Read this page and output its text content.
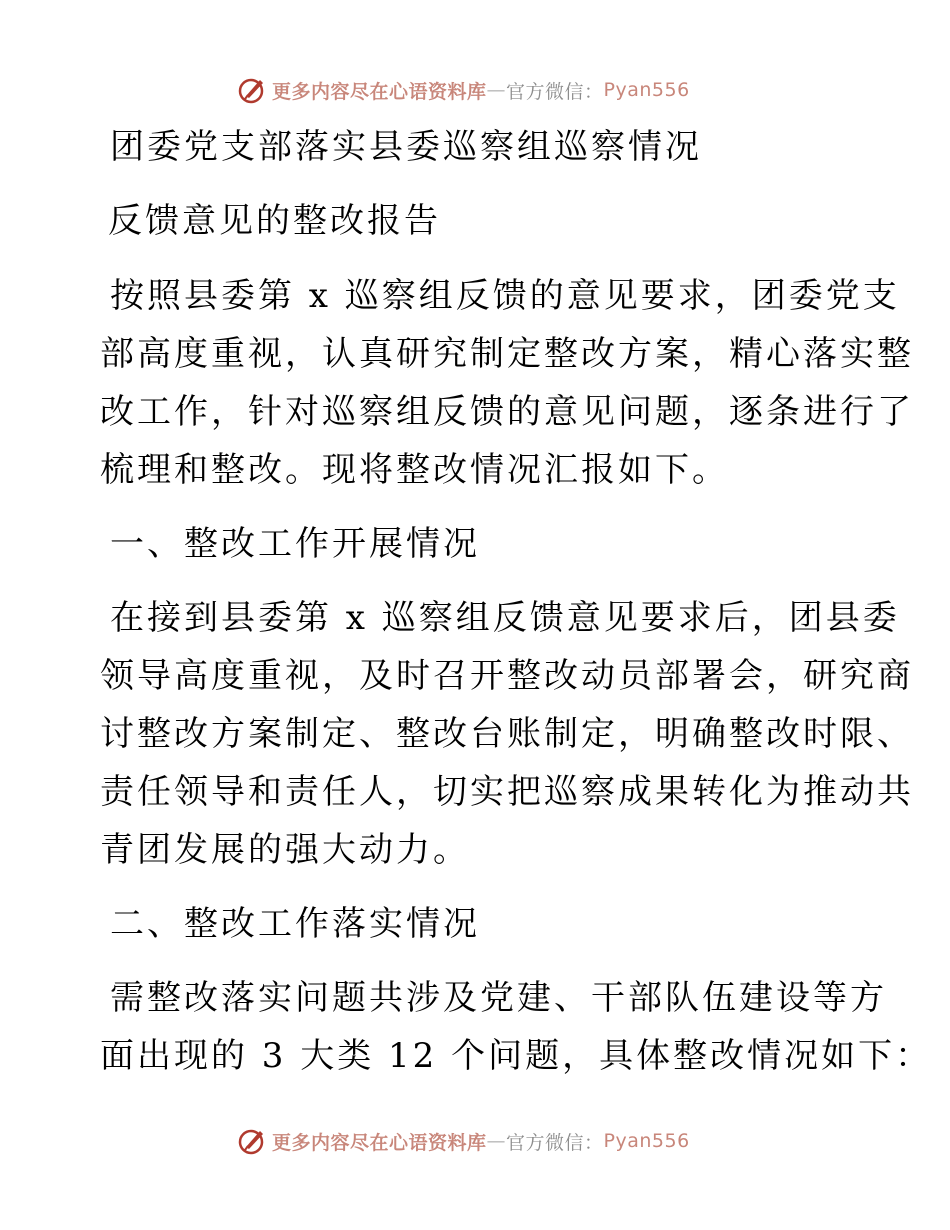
更多内容尽在心语资料库 — 官方微信： Pyan556
团委党支部落实县委巡察组巡察情况
反馈意见的整改报告
按照县委第 x 巡察组反馈的意见要求，团委党支
部高度重视，认真研究制定整改方案，精心落实整
改工作，针对巡察组反馈的意见问题，逐条进行了
梳理和整改。现将整改情况汇报如下。
一、整改工作开展情况
在接到县委第 x 巡察组反馈意见要求后，团县委
领导高度重视，及时召开整改动员部署会，研究商
讨整改方案制定、整改台账制定，明确整改时限、
责任领导和责任人，切实把巡察成果转化为推动共
青团发展的强大动力。
二、整改工作落实情况
需整改落实问题共涉及党建、干部队伍建设等方
面出现的 3 大类 12 个问题，具体整改情况如下：
更多内容尽在心语资料库 — 官方微信： Pyan556
